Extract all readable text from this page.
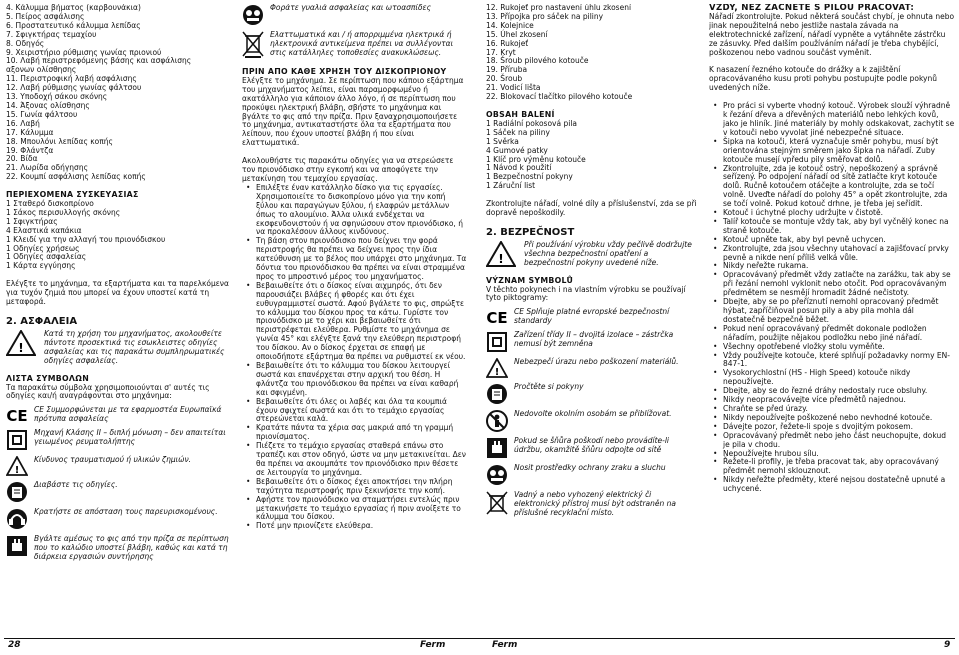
4. Κάλυμμα βήματος (καρβουνάκια)

5. Πείρος ασφάλισης

6. Προστατευτικό κάλυμμα λεπίδας

7. Σφιγκτήρας τεμαχίου

8. Οδηγός

9. Χειριστήριο ρύθμισης γωνίας πριονιού

10. Λαβή περιστρεφόμενης βάσης και ασφάλισης

αξονων ολίσθησης

11. Περιστροφική λαβή ασφάλισης

12. Λαβή ρύθμισης γωνίας φάλτσου

13. Υποδοχή σάκου σκόνης

14. Άξονας ολίσθησης

15. Γωνία φάλτσου

16. Λαβή

17. Κάλυμμα

18. Μπουλόνι λεπίδας κοπής

19. Φλάντζα

20. Βίδα

21. Λωρίδα οδήγησης

22. Κουμπί ασφάλισης λεπίδας κοπής

ΠΕΡΙΕΧΟΜΕΝΑ ΣΥΣΚΕΥΑΣΙΑΣ

1 Σταθερό δισκοπρίονο

1 Σάκος περισυλλογής σκόνης

1 Σφιγκτήρας

4 Ελαστικά καπάκια

1 Κλειδί για την αλλαγή του πριονόδισκου

1 Οδηγίες χρήσεως

1 Οδηγίες ασφαλείας

1 Κάρτα εγγύησης

Ελέγξτε το μηχάνημα, τα εξαρτήματα και τα παρελκόμενα για τυχόν ζημιά που μπορεί να έχουν υποστεί κατά τη μεταφορά.

2. ΑΣΦΑΛΕΙΑ

!

Κατά τη χρήση του μηχανήματος, ακολουθείτε πάντοτε προσεκτικά τις εσωκλειστες οδηγίες ασφαλείας και τις παρακάτω συμπληρωματικές οδηγίες ασφαλείας.

ΛΙΣΤΑ ΣΥΜΒΟΛΩΝ

Τα παρακάτω σύμβολα χρησιμοποιούνται σ' αυτές τις οδηγίες και/ή αναγράφονται στο μηχάνημα:

CE CE Συμμορφώνεται με τα εφαρμοστέα Ευρωπαϊκά πρότυπα ασφαλείας

Μηχανή Κλάσης ΙΙ – διπλή μόνωση – δεν απαιτείται γειωμένος ρευματολήπτης

!

Κίνδυνος τραυματισμού ή υλικών ζημιών.

Διαβάστε τις οδηγίες.

Κρατήστε σε απόσταση τους παρευρισκομένους.

Βγάλτε αμέσως το φις από την πρίζα σε περίπτωση που το καλώδιο υποστεί βλάβη, καθώς και κατά τη διάρκεια εργασιών συντήρησης

Φοράτε γυαλιά ασφαλείας και ωτοασπίδες

Ελαττωματικά και / ή απορριμμένα ηλεκτρικά ή ηλεκτρονικά αντικείμενα πρέπει να συλλέγονται στις κατάλληλες τοποθεσίες ανακυκλώσεως.

ΠΡΙΝ ΑΠΟ ΚΑΘΕ ΧΡΗΣΗ ΤΟΥ ΔΙΣΚΟΠΡΙΟΝΟΥ

Ελέγξτε το μηχάνημα. Σε περίπτωση που κάποιο εξάρτημα του μηχανήματος λείπει, είναι παραμορφωμένο ή ακατάλληλο για κάποιον άλλο λόγο, ή σε περίπτωση που προκύψει ηλεκτρική βλάβη, σβήστε το μηχάνημα και βγάλτε το φις από την πρίζα. Πριν ξαναχρησιμοποιήσετε το μηχάνημα, αντικαταστήστε όλα τα εξαρτήματα που λείπουν, που έχουν υποστεί βλάβη ή που είναι ελαττωματικά.

Ακολουθήστε τις παρακάτω οδηγίες για να στερεώσετε τον πριονόδισκο στην εγκοπή και να αποφύγετε την μετακίνηση του τεμαχίου εργασίας.

• Επιλέξτε έναν κατάλληλο δίσκο για τις εργασίες. Χρησιμοποιείτε το δισκοπρίονο μόνο για την κοπή ξύλου και παραγώγων ξύλου, ή ελαφρών μετάλλων όπως το αλουμίνιο. Άλλα υλικά ενδέχεται να εκσφενδονιστούν ή να σφηνώσουν στον πριονόδισκο, ή να προκαλέσουν άλλους κινδύνους.
• Τη βάση στον πριονόδισκο που δείχνει την φορά περιστροφής θα πρέπει να δείχνει προς την ίδια κατεύθυνση με το βέλος που υπάρχει στο μηχάνημα. Τα δόντια του πριονόδισκου θα πρέπει να είναι στραμμένα προς το μπροστινό μέρος του μηχανήματος.
• Βεβαιωθείτε ότι ο δίσκος είναι αιχμηρός, ότι δεν παρουσιάζει βλάβες ή φθορές και ότι έχει ευθυγραμμιστεί σωστά. Αφού βγάλετε το φις, σπρώξτε το κάλυμμα του δίσκου προς τα κάτω. Γυρίστε τον πριονόδισκο με το χέρι και βεβαιωθείτε ότι περιστρέφεται ελεύθερα. Ρυθμίστε το μηχάνημα σε γωνία 45° και ελέγξτε ξανά την ελεύθερη περιστροφή του δίσκου. Αν ο δίσκος έρχεται σε επαφή με οποιοδήποτε εξάρτημα θα πρέπει να ρυθμιστεί εκ νέου.
• Βεβαιωθείτε ότι το κάλυμμα του δίσκου λειτουργεί σωστά και επανέρχεται στην αρχική του θέση. Η φλάντζα του πριονόδισκου θα πρέπει να είναι καθαρή και σφιγμένη.
• Βεβαιωθείτε ότι όλες οι λαβές και όλα τα κουμπιά έχουν σφιχτεί σωστά και ότι το τεμάχιο εργασίας στερεώνεται καλά.
• Κρατάτε πάντα τα χέρια σας μακριά από τη γραμμή πριονίσματος.
• Πιέζετε το τεμάχιο εργασίας σταθερά επάνω στο τραπέζι και στον οδηγό, ώστε να μην μετακινείται. Δεν θα πρέπει να ακουμπάτε τον πριονόδισκο πριν θέσετε σε λειτουργία το μηχάνημα.
• Βεβαιωθείτε ότι ο δίσκος έχει αποκτήσει την πλήρη ταχύτητα περιστροφής πριν ξεκινήσετε την κοπή.
• Αφήστε τον πριονόδισκο να σταματήσει εντελώς πριν μετακινήσετε το τεμάχιο εργασίας ή πριν ανοίξετε το κάλυμμα του δίσκου.
• Ποτέ μην πριονίζετε ελεύθερα.

12. Rukojeť pro nastavení úhlu zkosení

13. Přípojka pro sáček na piliny

14. Kolejnice

15. Úhel zkosení

16. Rukojeť

17. Kryt

18. Šroub pilového kotouče

19. Příruba

20. Šroub

21. Vodicí lišta

22. Blokovací tlačítko pilového kotouče

OBSAH BALENÍ

1 Radiální pokosová pila

1 Sáček na piliny

1 Svěrka

4 Gumové patky

1 Klíč pro výměnu kotouče

1 Návod k použití

1 Bezpečnostní pokyny

1 Záruční list

Zkontrolujte nářadí, volné díly a příslušenství, zda se při dopravě nepoškodily.

2. BEZPEČNOST

!

Při používání výrobku vždy pečlivě dodržujte všechna bezpečnostní opatření a bezpečnostní pokyny uvedené níže.

VÝZNAM SYMBOLŮ

V těchto pokynech i na vlastním výrobku se používají tyto piktogramy:

CE CE Splňuje platné evropské bezpečnostní standardy

Zařízení třídy II – dvojitá izolace – zástrčka nemusí být zemněna

!

Nebezpečí úrazu nebo poškození materiálů.

Pročtěte si pokyny

Nedovolte okolním osobám se přiblížovat.

Pokud se šňůra poškodí nebo provádíte-li údržbu, okamžitě šňůru odpojte od sítě

Nosit prostředky ochrany zraku a sluchu

Vadný a nebo vyhozený elektrický či elektronický přístroj musí být odstraněn na příslušné recyklační místo.

VŽDY, NEŽ ZAČNETE S PILOU PRACOVAT:

Nářadí zkontrolujte. Pokud některá součást chybí, je ohnuta nebo jinak nepoužitelná nebo jestliže nastala závada na elektrotechnické zařízení, nářadí vypněte a vytáhněte zástrčku ze zásuvky. Před dalším používáním nářadí je třeba chybějící, poškozenou nebo vadnou součást vyměnit.

K nasazení řezného kotouče do drážky a k zajištění opracovávaného kusu proti pohybu postupujte podle pokynů uvedených níže.

• Pro práci si vyberte vhodný kotouč. Výrobek slouží výhradně k řezání dřeva a dřevěných materiálů nebo lehkých kovů, jako je hliník. Jiné materiály by mohly odskakovat, zachytit se v kotouči nebo vyvolat jiné nebezpečné situace.
• Šipka na kotouči, která vyznačuje směr pohybu, musí být orientována stejným směrem jako šipka na nářadí. Zuby kotouče musejí vpředu pily směřovat dolů.
• Zkontrolujte, zda je kotouč ostrý, nepoškozený a správně seřízený. Po odpojení nářadí od sítě zatlačte kryt kotouče dolů. Ručně kotoučem otáčejte a kontrolujte, zda se točí volně. Uveďte nářadí do polohy 45° a opět zkontrolujte, zda se točí volně. Pokud kotouč drhne, je třeba jej seřídit.
• Kotouč i úchytné plochy udržujte v čistotě.
• Talíř kotouče se montuje vždy tak, aby byl vyčnělý konec na straně kotouče.
• Kotouč upněte tak, aby byl pevně uchycen.
• Zkontrolujte, zda jsou všechny utahovací a zajišťovací prvky pevně a nikde není příliš velká vůle.
• Nikdy neřežte rukama.
• Opracovávaný předmět vždy zatlačte na zarážku, tak aby se při řezání nemohl vyklonit nebo otočit. Pod opracovávaným předmětem se nesmějí hromadit žádné nečistoty.
• Dbejte, aby se po přeříznutí nemohl opracovaný předmět hýbat, zapříčiňoval posun pily a aby pila mohla dál dostatečně bezpečně běžet.
• Pokud není opracovávaný předmět dokonale podložen nářadím, použijte nějakou podložku nebo jiné nářadí.
• Všechny opotřebené vložky stolu vyměňte.
• Vždy používejte kotouče, které splňují požadavky normy EN-847-1.
• Vysokorychlostní (HS - High Speed) kotouče nikdy nepoužívejte.
• Dbejte, aby se do řezné dráhy nedostaly ruce obsluhy.
• Nikdy neopracovávejte více předmětů najednou.
• Chraňte se před úrazy.
• Nikdy nepoužívejte poškozené nebo nevhodné kotouče.
• Dávejte pozor, řežete-li spoje s dvojitým pokosem.
• Opracovávaný předmět nebo jeho část neuchopujte, dokud je pila v chodu.
• Nepoužívejte hrubou sílu.
• Řežete-li profily, je třeba pracovat tak, aby opracovávaný předmět nemohl sklouznout.
• Nikdy neřežte předměty, které nejsou dostatečně upnuté a uchycené.
28	Ferm	Ferm	9
